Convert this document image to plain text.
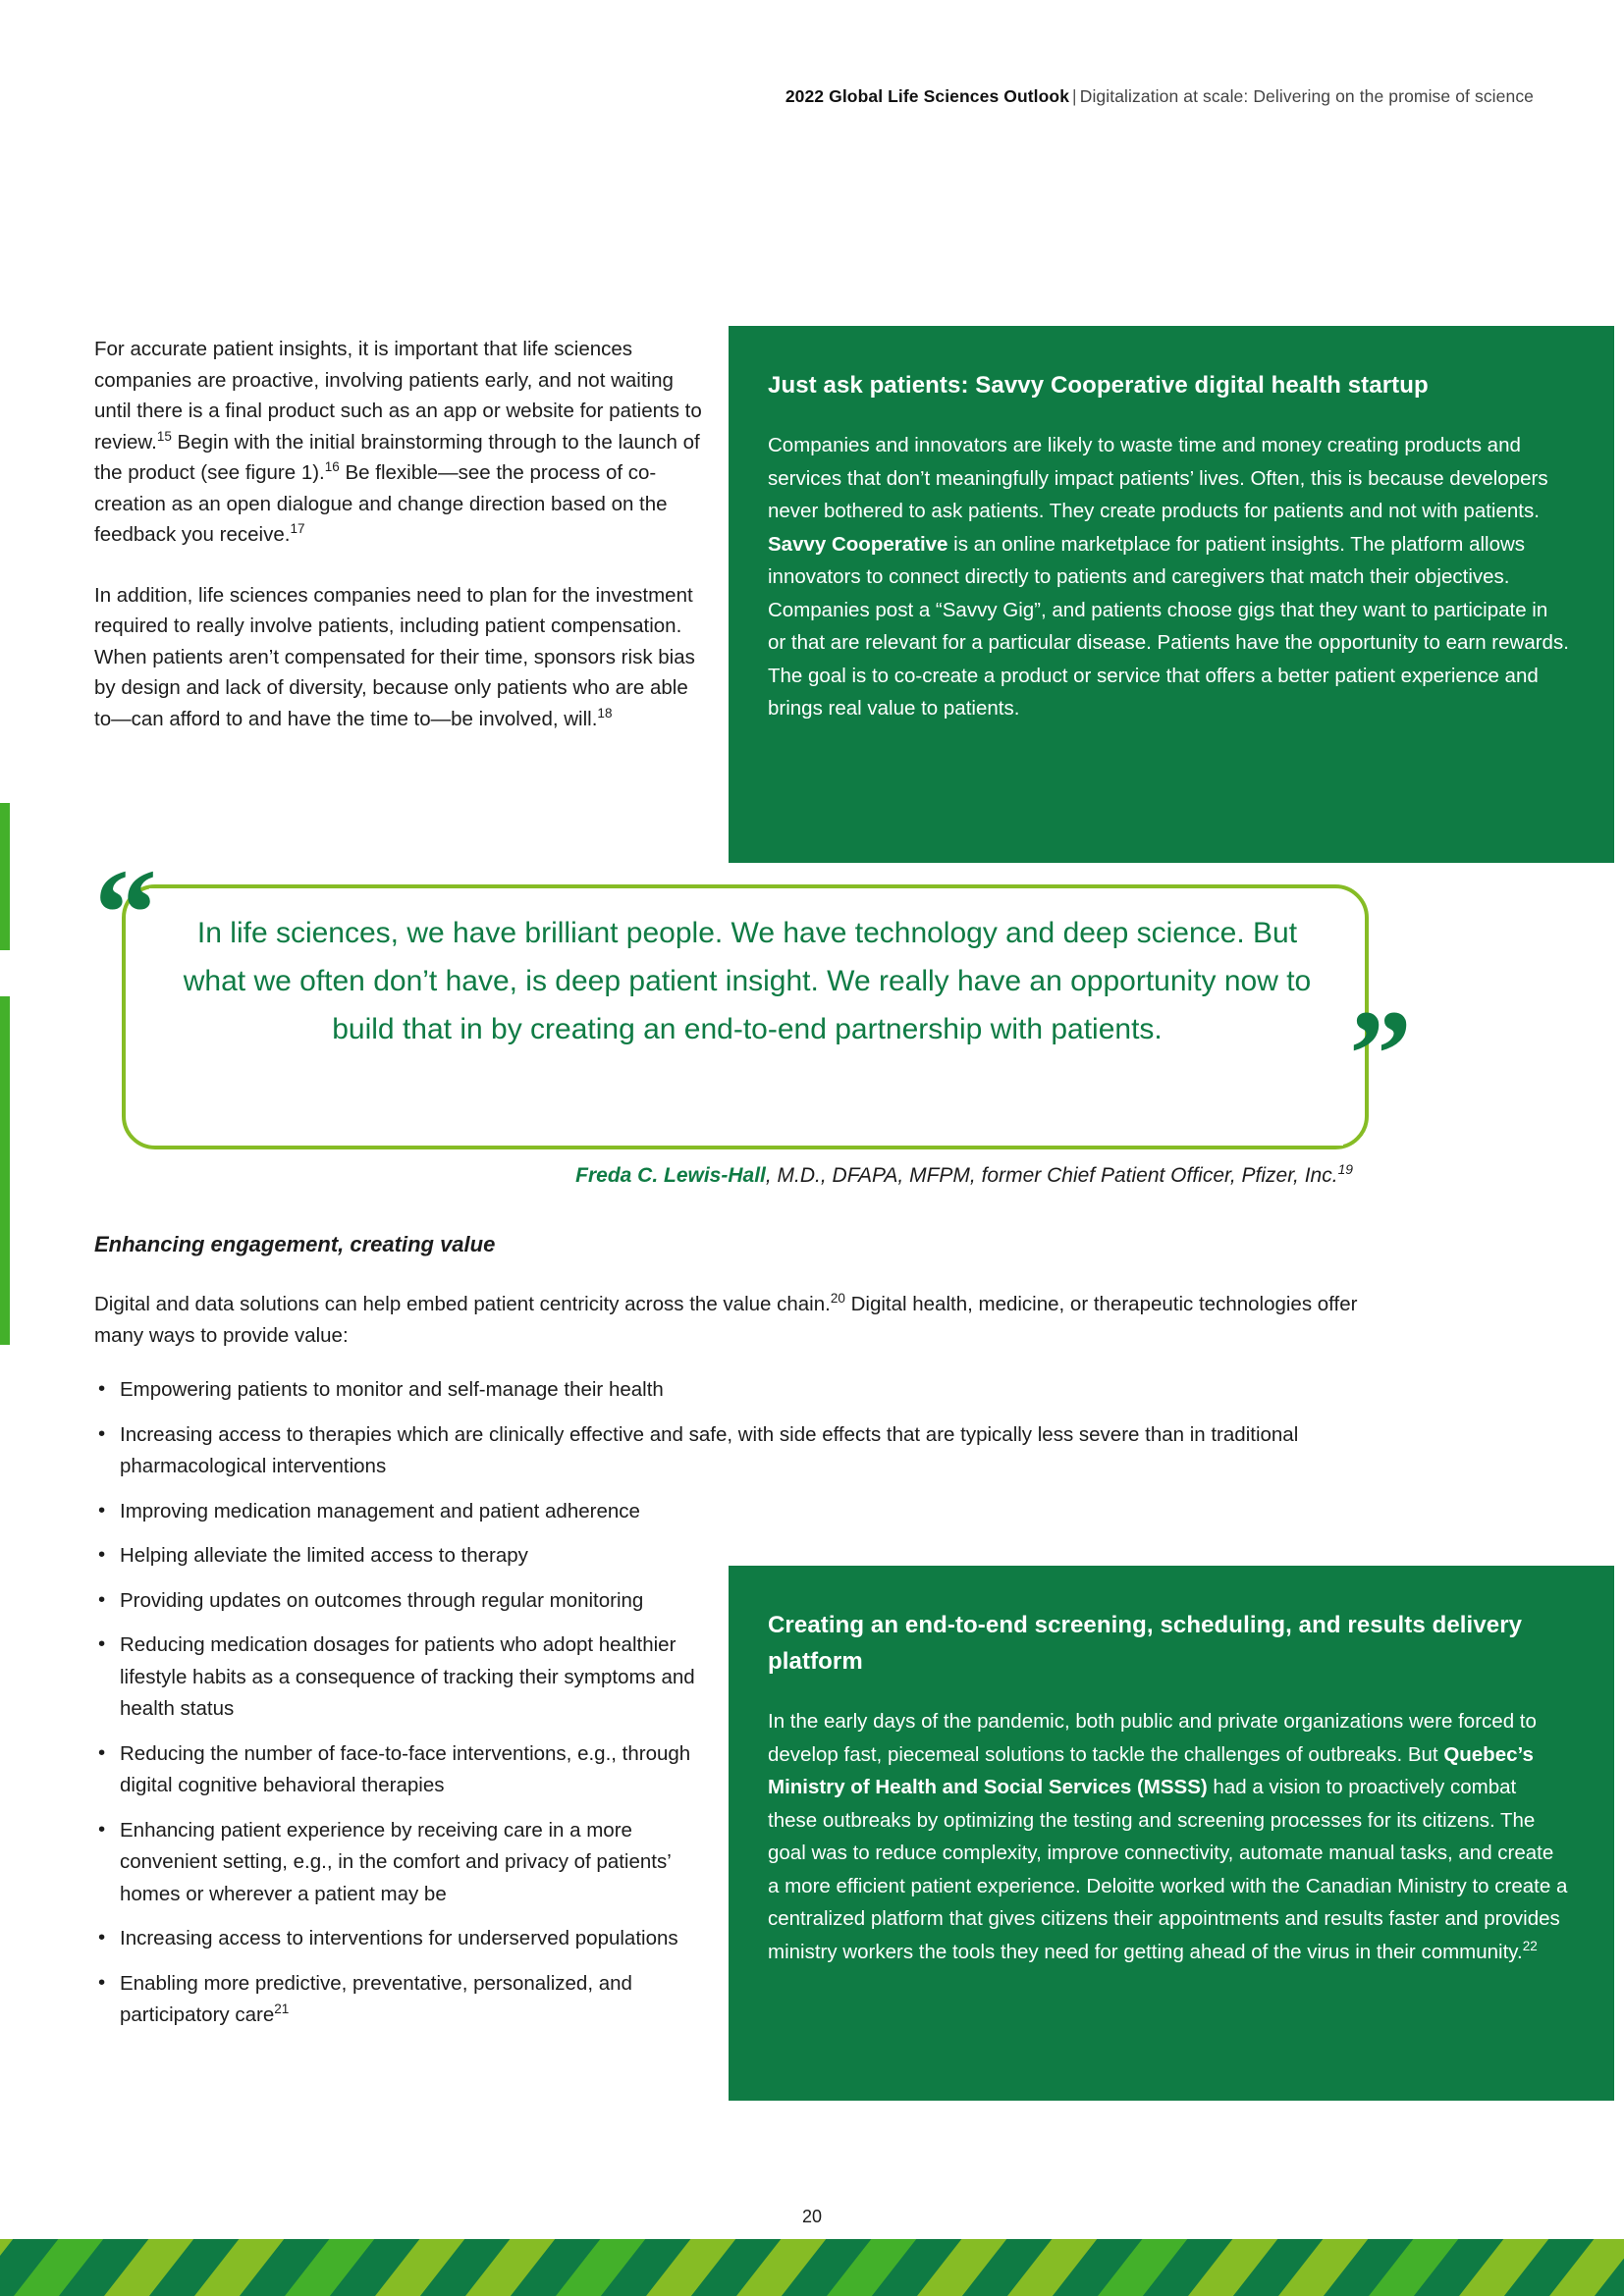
2022 Global Life Sciences Outlook | Digitalization at scale: Delivering on the promise of science

For accurate patient insights, it is important that life sciences companies are proactive, involving patients early, and not waiting until there is a final product such as an app or website for patients to review.$^{15}$ Begin with the initial brainstorming through to the launch of the product (see figure 1).$^{16}$ Be flexible—see the process of co-creation as an open dialogue and change direction based on the feedback you receive.$^{17}$

In addition, life sciences companies need to plan for the investment required to really involve patients, including patient compensation. When patients aren’t compensated for their time, sponsors risk bias by design and lack of diversity, because only patients who are able to—can afford to and have the time to—be involved, will.$^{18}$

Just ask patients: Savvy Cooperative digital health startup

Companies and innovators are likely to waste time and money creating products and services that don’t meaningfully impact patients’ lives. Often, this is because developers never bothered to ask patients. They create products for patients and not with patients. Savvy Cooperative is an online marketplace for patient insights. The platform allows innovators to connect directly to patients and caregivers that match their objectives. Companies post a “Savvy Gig”, and patients choose gigs that they want to participate in or that are relevant for a particular disease. Patients have the opportunity to earn rewards. The goal is to co-create a product or service that offers a better patient experience and brings real value to patients.

“
”
In life sciences, we have brilliant people. We have technology and deep science. But what we often don’t have, is deep patient insight. We really have an opportunity now to build that in by creating an end-to-end partnership with patients.
Freda C. Lewis-Hall, M.D., DFAPA, MFPM, former Chief Patient Officer, Pfizer, Inc.$^{19}$
Enhancing engagement, creating value
Digital and data solutions can help embed patient centricity across the value chain.$^{20}$ Digital health, medicine, or therapeutic technologies offer many ways to provide value:
• Empowering patients to monitor and self-manage their health
• Increasing access to therapies which are clinically effective and safe, with side effects that are typically less severe than in traditional pharmacological interventions
• Improving medication management and patient adherence
• Helping alleviate the limited access to therapy
• Providing updates on outcomes through regular monitoring
• Reducing medication dosages for patients who adopt healthier lifestyle habits as a consequence of tracking their symptoms and health status
• Reducing the number of face-to-face interventions, e.g., through digital cognitive behavioral therapies
• Enhancing patient experience by receiving care in a more convenient setting, e.g., in the comfort and privacy of patients’ homes or wherever a patient may be
• Increasing access to interventions for underserved populations
• Enabling more predictive, preventative, personalized, and participatory care$^{21}$
Creating an end-to-end screening, scheduling, and results delivery platform

In the early days of the pandemic, both public and private organizations were forced to develop fast, piecemeal solutions to tackle the challenges of outbreaks. But Quebec’s Ministry of Health and Social Services (MSSS) had a vision to proactively combat these outbreaks by optimizing the testing and screening processes for its citizens. The goal was to reduce complexity, improve connectivity, automate manual tasks, and create a more efficient patient experience. Deloitte worked with the Canadian Ministry to create a centralized platform that gives citizens their appointments and results faster and provides ministry workers the tools they need for getting ahead of the virus in their community.$^{22}$

20
